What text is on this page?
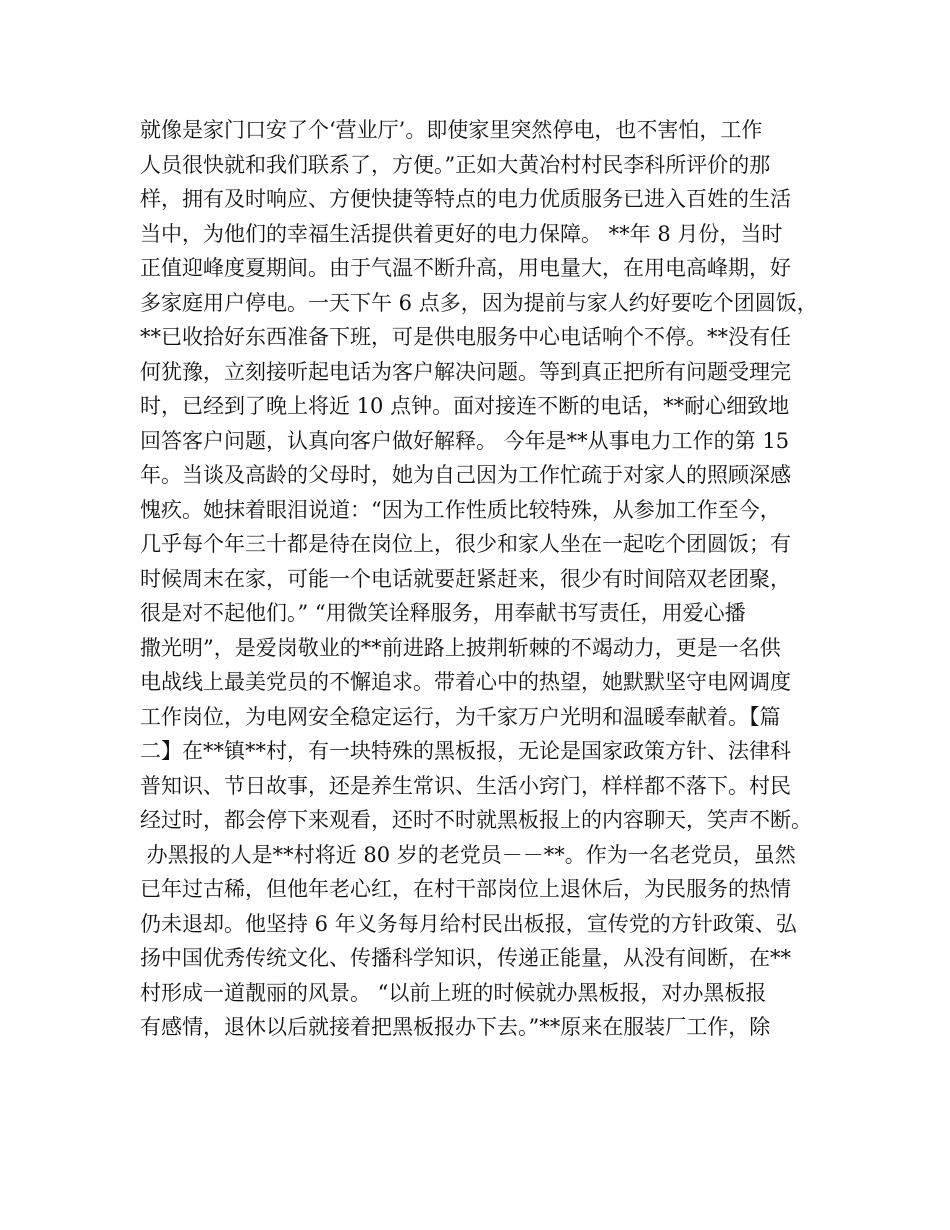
就像是家门口安了个‘营业厅’。即使家里突然停电，也不害怕，工作
人员很快就和我们联系了，方便。”正如大黄冶村村民李科所评价的那
样，拥有及时响应、方便快捷等特点的电力优质服务已进入百姓的生活
当中，为他们的幸福生活提供着更好的电力保障。 **年 8 月份，当时
正值迎峰度夏期间。由于气温不断升高，用电量大，在用电高峰期，好
多家庭用户停电。一天下午 6 点多，因为提前与家人约好要吃个团圆饭，
**已收拾好东西准备下班，可是供电服务中心电话响个不停。**没有任
何犹豫，立刻接听起电话为客户解决问题。等到真正把所有问题受理完
时，已经到了晚上将近 10 点钟。面对接连不断的电话，**耐心细致地
回答客户问题，认真向客户做好解释。 今年是**从事电力工作的第 15
年。当谈及高龄的父母时，她为自己因为工作忙疏于对家人的照顾深感
愧疚。她抹着眼泪说道：“因为工作性质比较特殊，从参加工作至今，
几乎每个年三十都是待在岗位上，很少和家人坐在一起吃个团圆饭；有
时候周末在家，可能一个电话就要赶紧赶来，很少有时间陪双老团聚，
很是对不起他们。” “用微笑诠释服务，用奉献书写责任，用爱心播
撒光明”，是爱岗敬业的**前进路上披荆斩棘的不竭动力，更是一名供
电战线上最美党员的不懈追求。带着心中的热望，她默默坚守电网调度
工作岗位，为电网安全稳定运行，为千家万户光明和温暖奉献着。【篇
二】在**镇**村，有一块特殊的黑板报，无论是国家政策方针、法律科
普知识、节日故事，还是养生常识、生活小窍门，样样都不落下。村民
经过时，都会停下来观看，还时不时就黑板报上的内容聊天，笑声不断。
办黑报的人是**村将近 80 岁的老党员－－**。作为一名老党员，虽然
已年过古稀，但他年老心红，在村干部岗位上退休后，为民服务的热情
仍未退却。他坚持 6 年义务每月给村民出板报，宣传党的方针政策、弘
扬中国优秀传统文化、传播科学知识，传递正能量，从没有间断，在**
村形成一道靓丽的风景。 “以前上班的时候就办黑板报，对办黑板报
有感情，退休以后就接着把黑板报办下去。”**原来在服装厂工作，除
